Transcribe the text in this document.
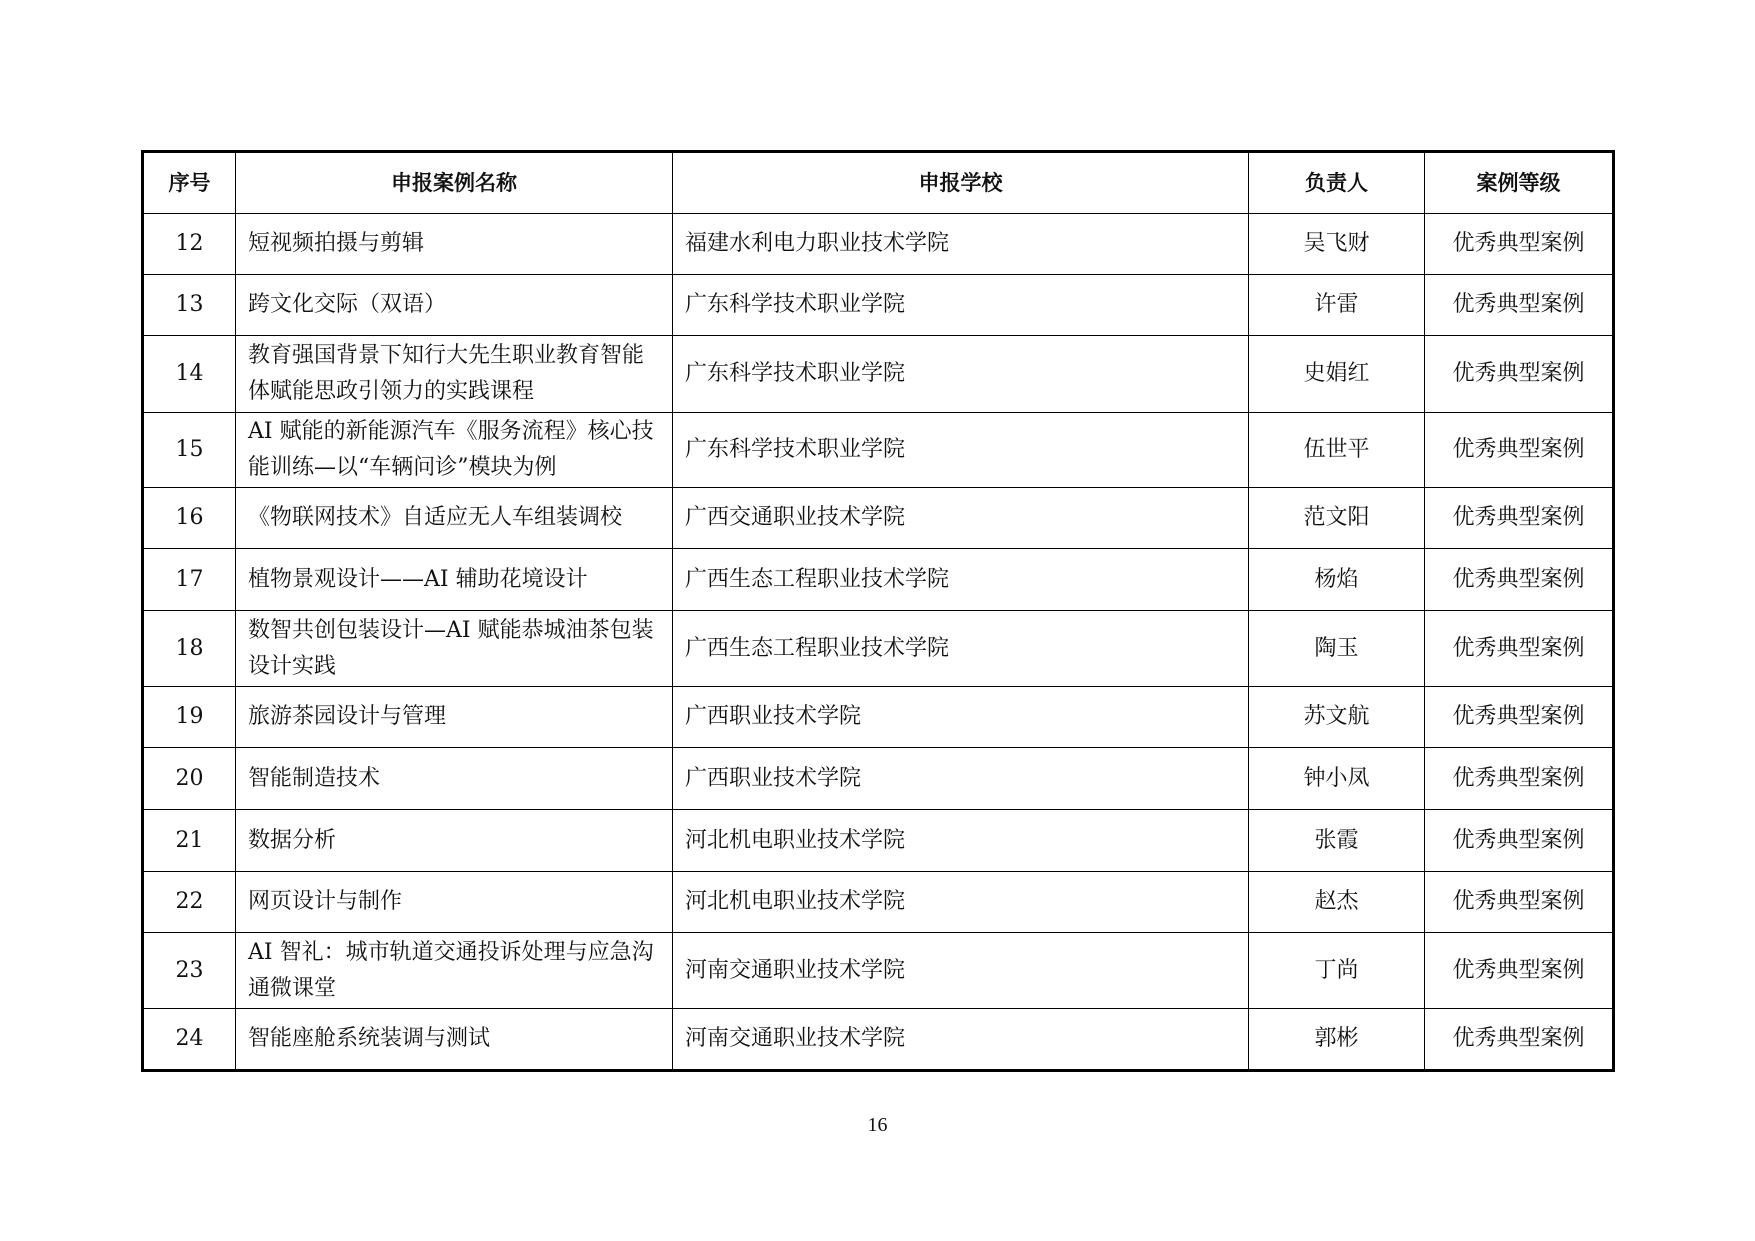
序号	申报案例名称	申报学校	负责人	案例等级
12	短视频拍摄与剪辑	福建水利电力职业技术学院	吴飞财	优秀典型案例
13	跨文化交际（双语）	广东科学技术职业学院	许雷	优秀典型案例
14	教育强国背景下知行大先生职业教育智能体赋能思政引领力的实践课程	广东科学技术职业学院	史娟红	优秀典型案例
15	AI 赋能的新能源汽车《服务流程》核心技能训练—以“车辆问诊”模块为例	广东科学技术职业学院	伍世平	优秀典型案例
16	《物联网技术》自适应无人车组装调校	广西交通职业技术学院	范文阳	优秀典型案例
17	植物景观设计——AI 辅助花境设计	广西生态工程职业技术学院	杨焰	优秀典型案例
18	数智共创包装设计—AI 赋能恭城油茶包装设计实践	广西生态工程职业技术学院	陶玉	优秀典型案例
19	旅游茶园设计与管理	广西职业技术学院	苏文航	优秀典型案例
20	智能制造技术	广西职业技术学院	钟小凤	优秀典型案例
21	数据分析	河北机电职业技术学院	张霞	优秀典型案例
22	网页设计与制作	河北机电职业技术学院	赵杰	优秀典型案例
23	AI 智礼：城市轨道交通投诉处理与应急沟通微课堂	河南交通职业技术学院	丁尚	优秀典型案例
24	智能座舱系统装调与测试	河南交通职业技术学院	郭彬	优秀典型案例
16
